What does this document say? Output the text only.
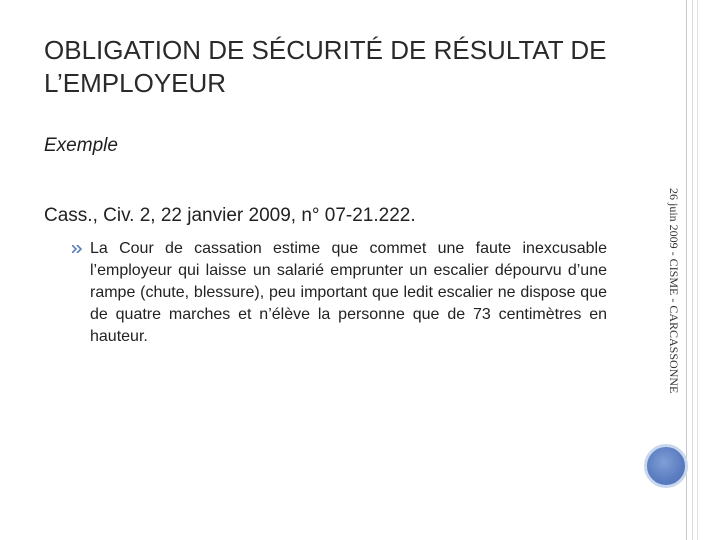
OBLIGATION DE SÉCURITÉ DE RÉSULTAT DE L’EMPLOYEUR

Exemple

Cass., Civ. 2, 22 janvier 2009, n° 07-21.222.

La Cour de cassation estime que commet une faute inexcusable l’employeur qui laisse un salarié emprunter un escalier dépourvu d’une rampe (chute, blessure), peu important que ledit escalier ne dispose que de quatre marches et n’élève la personne que de 73 centimètres en hauteur.	26 juin 2009 - CISME - CARCASSONNE
